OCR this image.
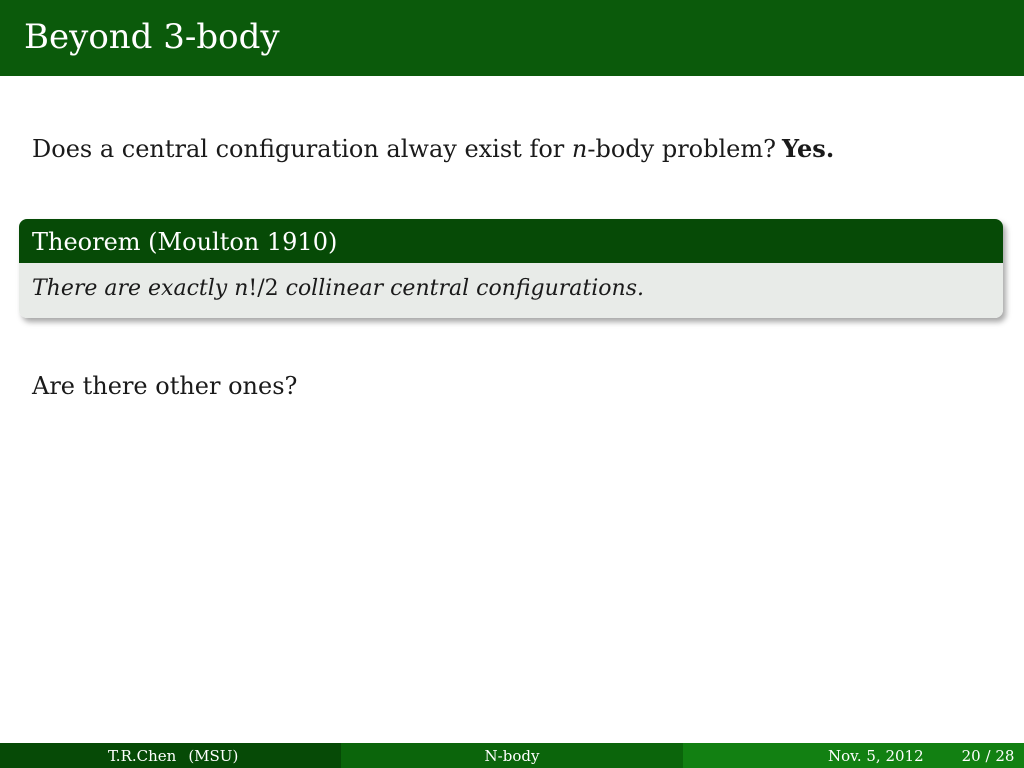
Beyond 3-body
Does a central configuration alway exist for n-body problem? Yes.
Theorem (Moulton 1910)
There are exactly n!/2 collinear central configurations.
Are there other ones?
T.R.Chen (MSU)	N-body	Nov. 5, 2012	20 / 28
